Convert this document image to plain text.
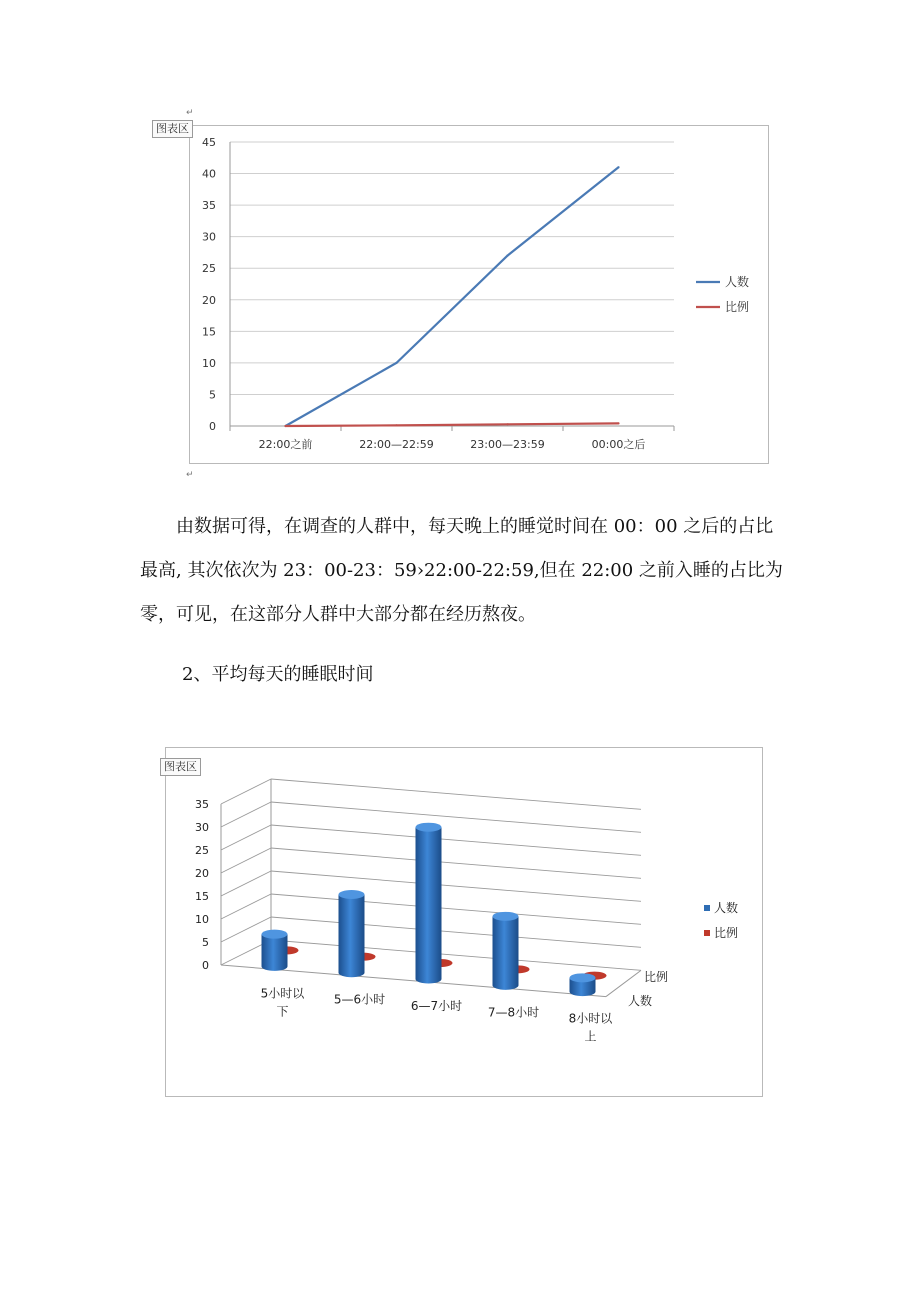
↵
图表区
0
5
10
15
20
25
30
35
40
45
22:00之前	22:00—22:59	23:00—23:59	00:00之后
人数
比例
↵

由数据可得，在调查的人群中，每天晚上的睡觉时间在 00：00 之后的占比最高, 其次依次为 23：00-23：59›22:00-22:59,但在 22:00 之前入睡的占比为零，可见，在这部分人群中大部分都在经历熬夜。

2、平均每天的睡眠时间

图表区
0
5
10
15
20
25
30
35
5小时以
下
5—6小时 6—7小时 7—8小时 8小时以
上
比例
人数
人数
比例
